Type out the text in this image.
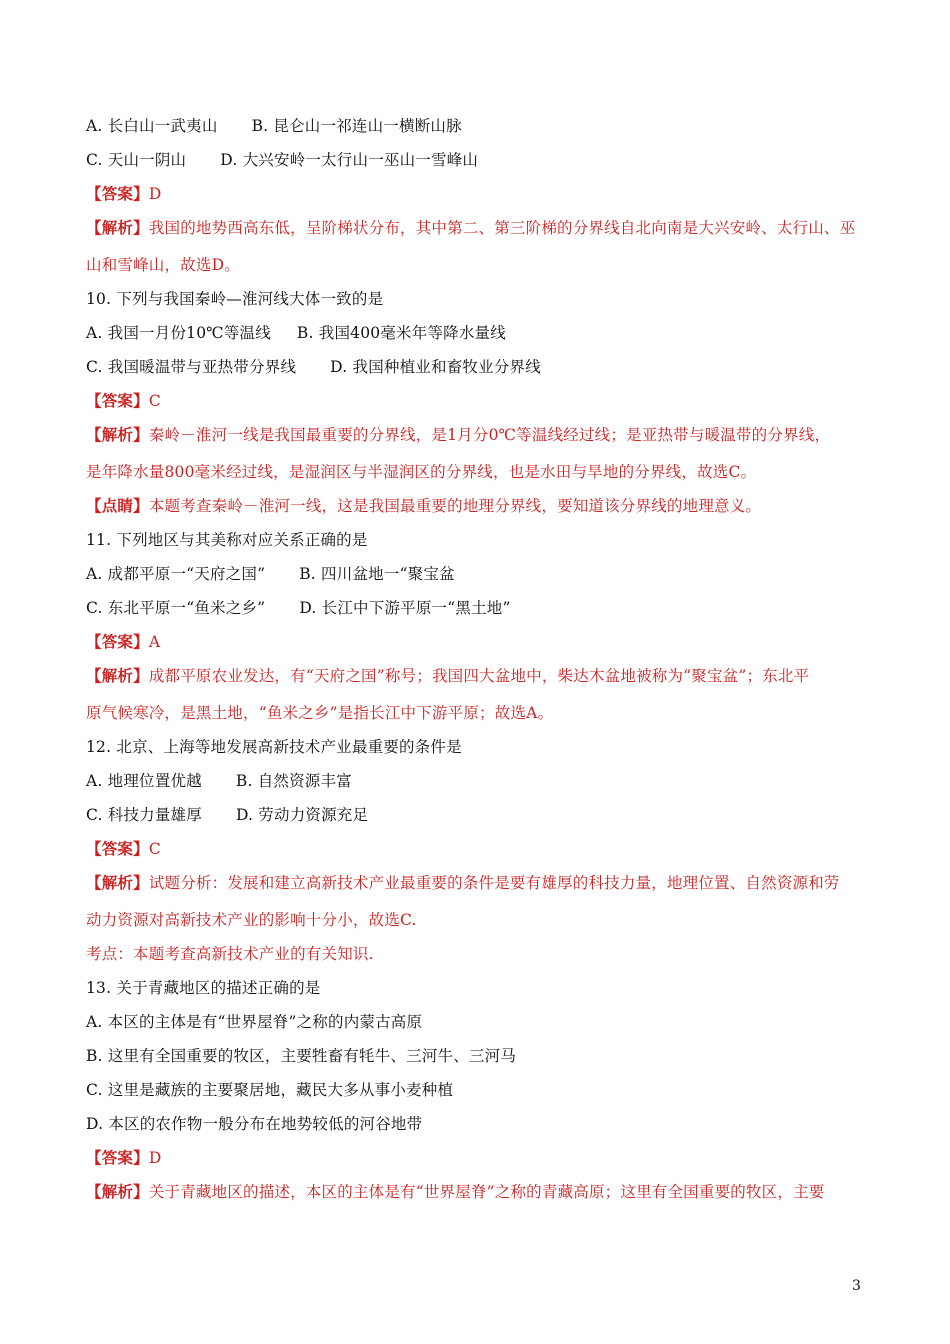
A. 长白山一武夷山 B. 昆仑山一祁连山一横断山脉
C. 天山一阴山 D. 大兴安岭一太行山一巫山一雪峰山
【答案】D
【解析】我国的地势西高东低，呈阶梯状分布，其中第二、第三阶梯的分界线自北向南是大兴安岭、太行山、巫
山和雪峰山，故选D。
10. 下列与我国秦岭—淮河线大体一致的是
A. 我国一月份10℃等温线 B. 我国400毫米年等降水量线
C. 我国暖温带与亚热带分界线 D. 我国种植业和畜牧业分界线
【答案】C
【解析】秦岭－淮河一线是我国最重要的分界线，是1月分0℃等温线经过线；是亚热带与暖温带的分界线，
是年降水量800毫米经过线，是湿润区与半湿润区的分界线，也是水田与旱地的分界线，故选C。
【点睛】本题考查秦岭－淮河一线，这是我国最重要的地理分界线，要知道该分界线的地理意义。
11. 下列地区与其美称对应关系正确的是
A. 成都平原一“天府之国” B. 四川盆地一“聚宝盆
C. 东北平原一“鱼米之乡” D. 长江中下游平原一“黑土地”
【答案】A
【解析】成都平原农业发达，有“天府之国”称号；我国四大盆地中，柴达木盆地被称为“聚宝盆”；东北平
原气候寒冷，是黑土地，“鱼米之乡”是指长江中下游平原；故选A。
12. 北京、上海等地发展高新技术产业最重要的条件是
A. 地理位置优越 B. 自然资源丰富
C. 科技力量雄厚 D. 劳动力资源充足
【答案】C
【解析】试题分析：发展和建立高新技术产业最重要的条件是要有雄厚的科技力量，地理位置、自然资源和劳
动力资源对高新技术产业的影响十分小，故选C.
考点：本题考查高新技术产业的有关知识.
13. 关于青藏地区的描述正确的是
A. 本区的主体是有“世界屋脊”之称的内蒙古高原
B. 这里有全国重要的牧区，主要牲畜有牦牛、三河牛、三河马
C. 这里是藏族的主要聚居地，藏民大多从事小麦种植
D. 本区的农作物一般分布在地势较低的河谷地带
【答案】D
【解析】关于青藏地区的描述，本区的主体是有“世界屋脊”之称的青藏高原；这里有全国重要的牧区，主要
3
